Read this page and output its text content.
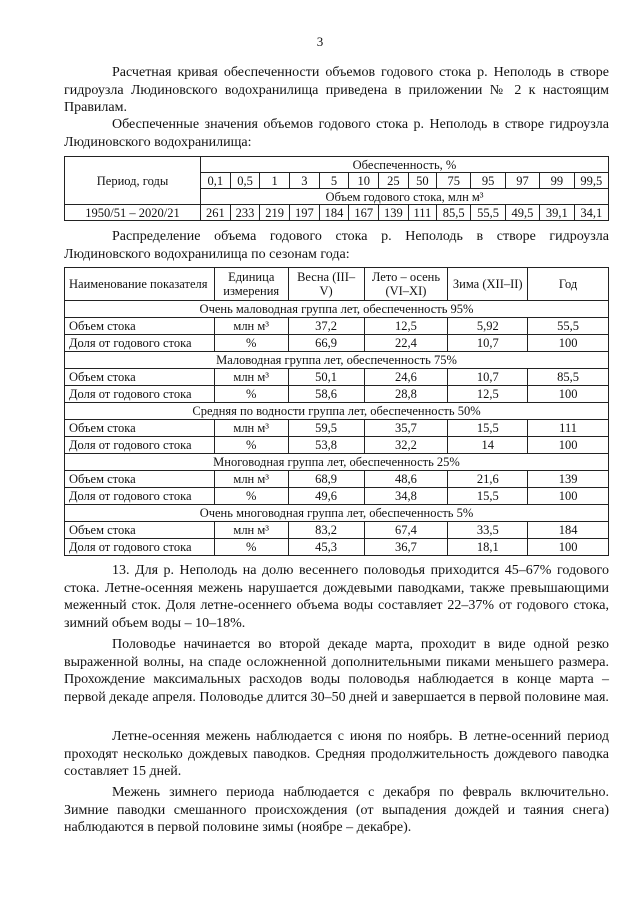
3
Расчетная кривая обеспеченности объемов годового стока р. Неполодь в створе гидроузла Людиновского водохранилища приведена в приложении № 2 к настоящим Правилам.
Обеспеченные значения объемов годового стока р. Неполодь в створе гидроузла Людиновского водохранилища:
Период, годы	Обеспеченность, %												
	0,1	0,5	1	3	5	10	25	50	75	95	97	99	99,5
	Объем годового стока, млн м³												
1950/51 – 2020/21	261	233	219	197	184	167	139	111	85,5	55,5	49,5	39,1	34,1
Распределение объема годового стока р. Неполодь в створе гидроузла Людиновского водохранилища по сезонам года:
Наименование показателя	Единица измерения	Весна (III–V)	Лето – осень (VI–XI)	Зима (XII–II)	Год
Очень маловодная группа лет, обеспеченность 95%					
Объем стока	млн м³	37,2	12,5	5,92	55,5
Доля от годового стока	%	66,9	22,4	10,7	100
Маловодная группа лет, обеспеченность 75%					
Объем стока	млн м³	50,1	24,6	10,7	85,5
Доля от годового стока	%	58,6	28,8	12,5	100
Средняя по водности группа лет, обеспеченность 50%					
Объем стока	млн м³	59,5	35,7	15,5	111
Доля от годового стока	%	53,8	32,2	14	100
Многоводная группа лет, обеспеченность 25%					
Объем стока	млн м³	68,9	48,6	21,6	139
Доля от годового стока	%	49,6	34,8	15,5	100
Очень многоводная группа лет, обеспеченность 5%					
Объем стока	млн м³	83,2	67,4	33,5	184
Доля от годового стока	%	45,3	36,7	18,1	100
13. Для р. Неполодь на долю весеннего половодья приходится 45–67% годового стока. Летне-осенняя межень нарушается дождевыми паводками, также превышающими меженный сток. Доля летне-осеннего объема воды составляет 22–37% от годового стока, зимний объем воды – 10–18%.
Половодье начинается во второй декаде марта, проходит в виде одной резко выраженной волны, на спаде осложненной дополнительными пиками меньшего размера. Прохождение максимальных расходов воды половодья наблюдается в конце марта – первой декаде апреля. Половодье длится 30–50 дней и завершается в первой половине мая.
Летне-осенняя межень наблюдается с июня по ноябрь. В летне-осенний период проходят несколько дождевых паводков. Средняя продолжительность дождевого паводка составляет 15 дней.
Межень зимнего периода наблюдается с декабря по февраль включительно. Зимние паводки смешанного происхождения (от выпадения дождей и таяния снега) наблюдаются в первой половине зимы (ноябре – декабре).
